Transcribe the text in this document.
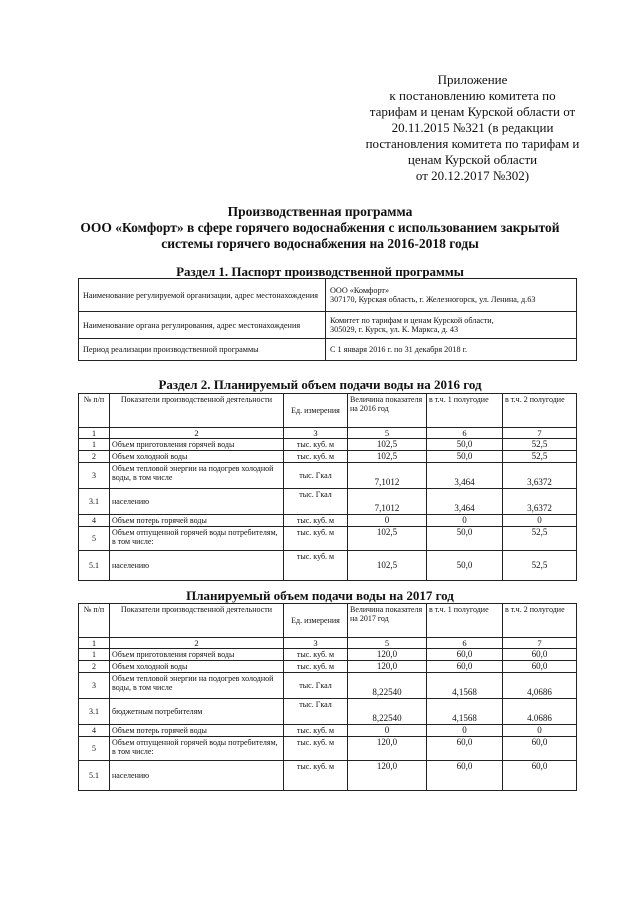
Приложение
к постановлению комитета по
тарифам и ценам Курской области от
20.11.2015 №321 (в редакции
постановления комитета по тарифам и
ценам Курской области
от 20.12.2017 №302)
Производственная программа
ООО «Комфорт» в сфере горячего водоснабжения с использованием закрытой
системы горячего водоснабжения на 2016-2018 годы
Раздел 1. Паспорт производственной программы
Наименование регулируемой организации, адрес местонахождения	ООО «Комфорт»
307170, Курская область, г. Железногорск, ул. Ленина, д.63

Наименование органа регулирования, адрес местонахождения	Комитет по тарифам и ценам Курской области,
305029, г. Курск, ул. К. Маркса, д. 43

Период реализации производственной программы	С 1 января 2016 г. по 31 декабря 2018 г.
Раздел 2. Планируемый объем подачи воды на 2016 год
№ п/п	Показатели производственной деятельности	Ед. измерения	Величина показателя на 2016 год	в т.ч. 1 полугодие	в т.ч. 2 полугодие
1	2	3	5	6	7
1	Объем приготовления горячей воды	тыс. куб. м	102,5	50,0	52,5
2	Объем холодной воды	тыс. куб. м	102,5	50,0	52,5
3	Объем тепловой энергии на подогрев холодной воды, в том числе	тыс. Гкал	7,1012	3,464	3,6372
3.1	населению	тыс. Гкал	7,1012	3,464	3,6372
4	Объем потерь горячей воды	тыс. куб. м	0	0	0
5	Объем отпущенной горячей воды потребителям, в том числе:	тыс. куб. м	102,5	50,0	52,5
5.1	населению	тыс. куб. м	102,5	50,0	52,5
Планируемый объем подачи воды на 2017 год
№ п/п	Показатели производственной деятельности	Ед. измерения	Величина показателя на 2017 год	в т.ч. 1 полугодие	в т.ч. 2 полугодие
1	2	3	5	6	7
1	Объем приготовления горячей воды	тыс. куб. м	120,0	60,0	60,0
2	Объем холодной воды	тыс. куб. м	120,0	60,0	60,0
3	Объем тепловой энергии на подогрев холодной воды, в том числе	тыс. Гкал	8,22540	4,1568	4,0686
3.1	бюджетным потребителям	тыс. Гкал	8,22540	4,1568	4.0686
4	Объем потерь горячей воды	тыс. куб. м	0	0	0
5	Объем отпущенной горячей воды потребителям, в том числе:	тыс. куб. м	120,0	60,0	60,0
5.1	населению	тыс. куб. м	120,0	60,0	60,0
